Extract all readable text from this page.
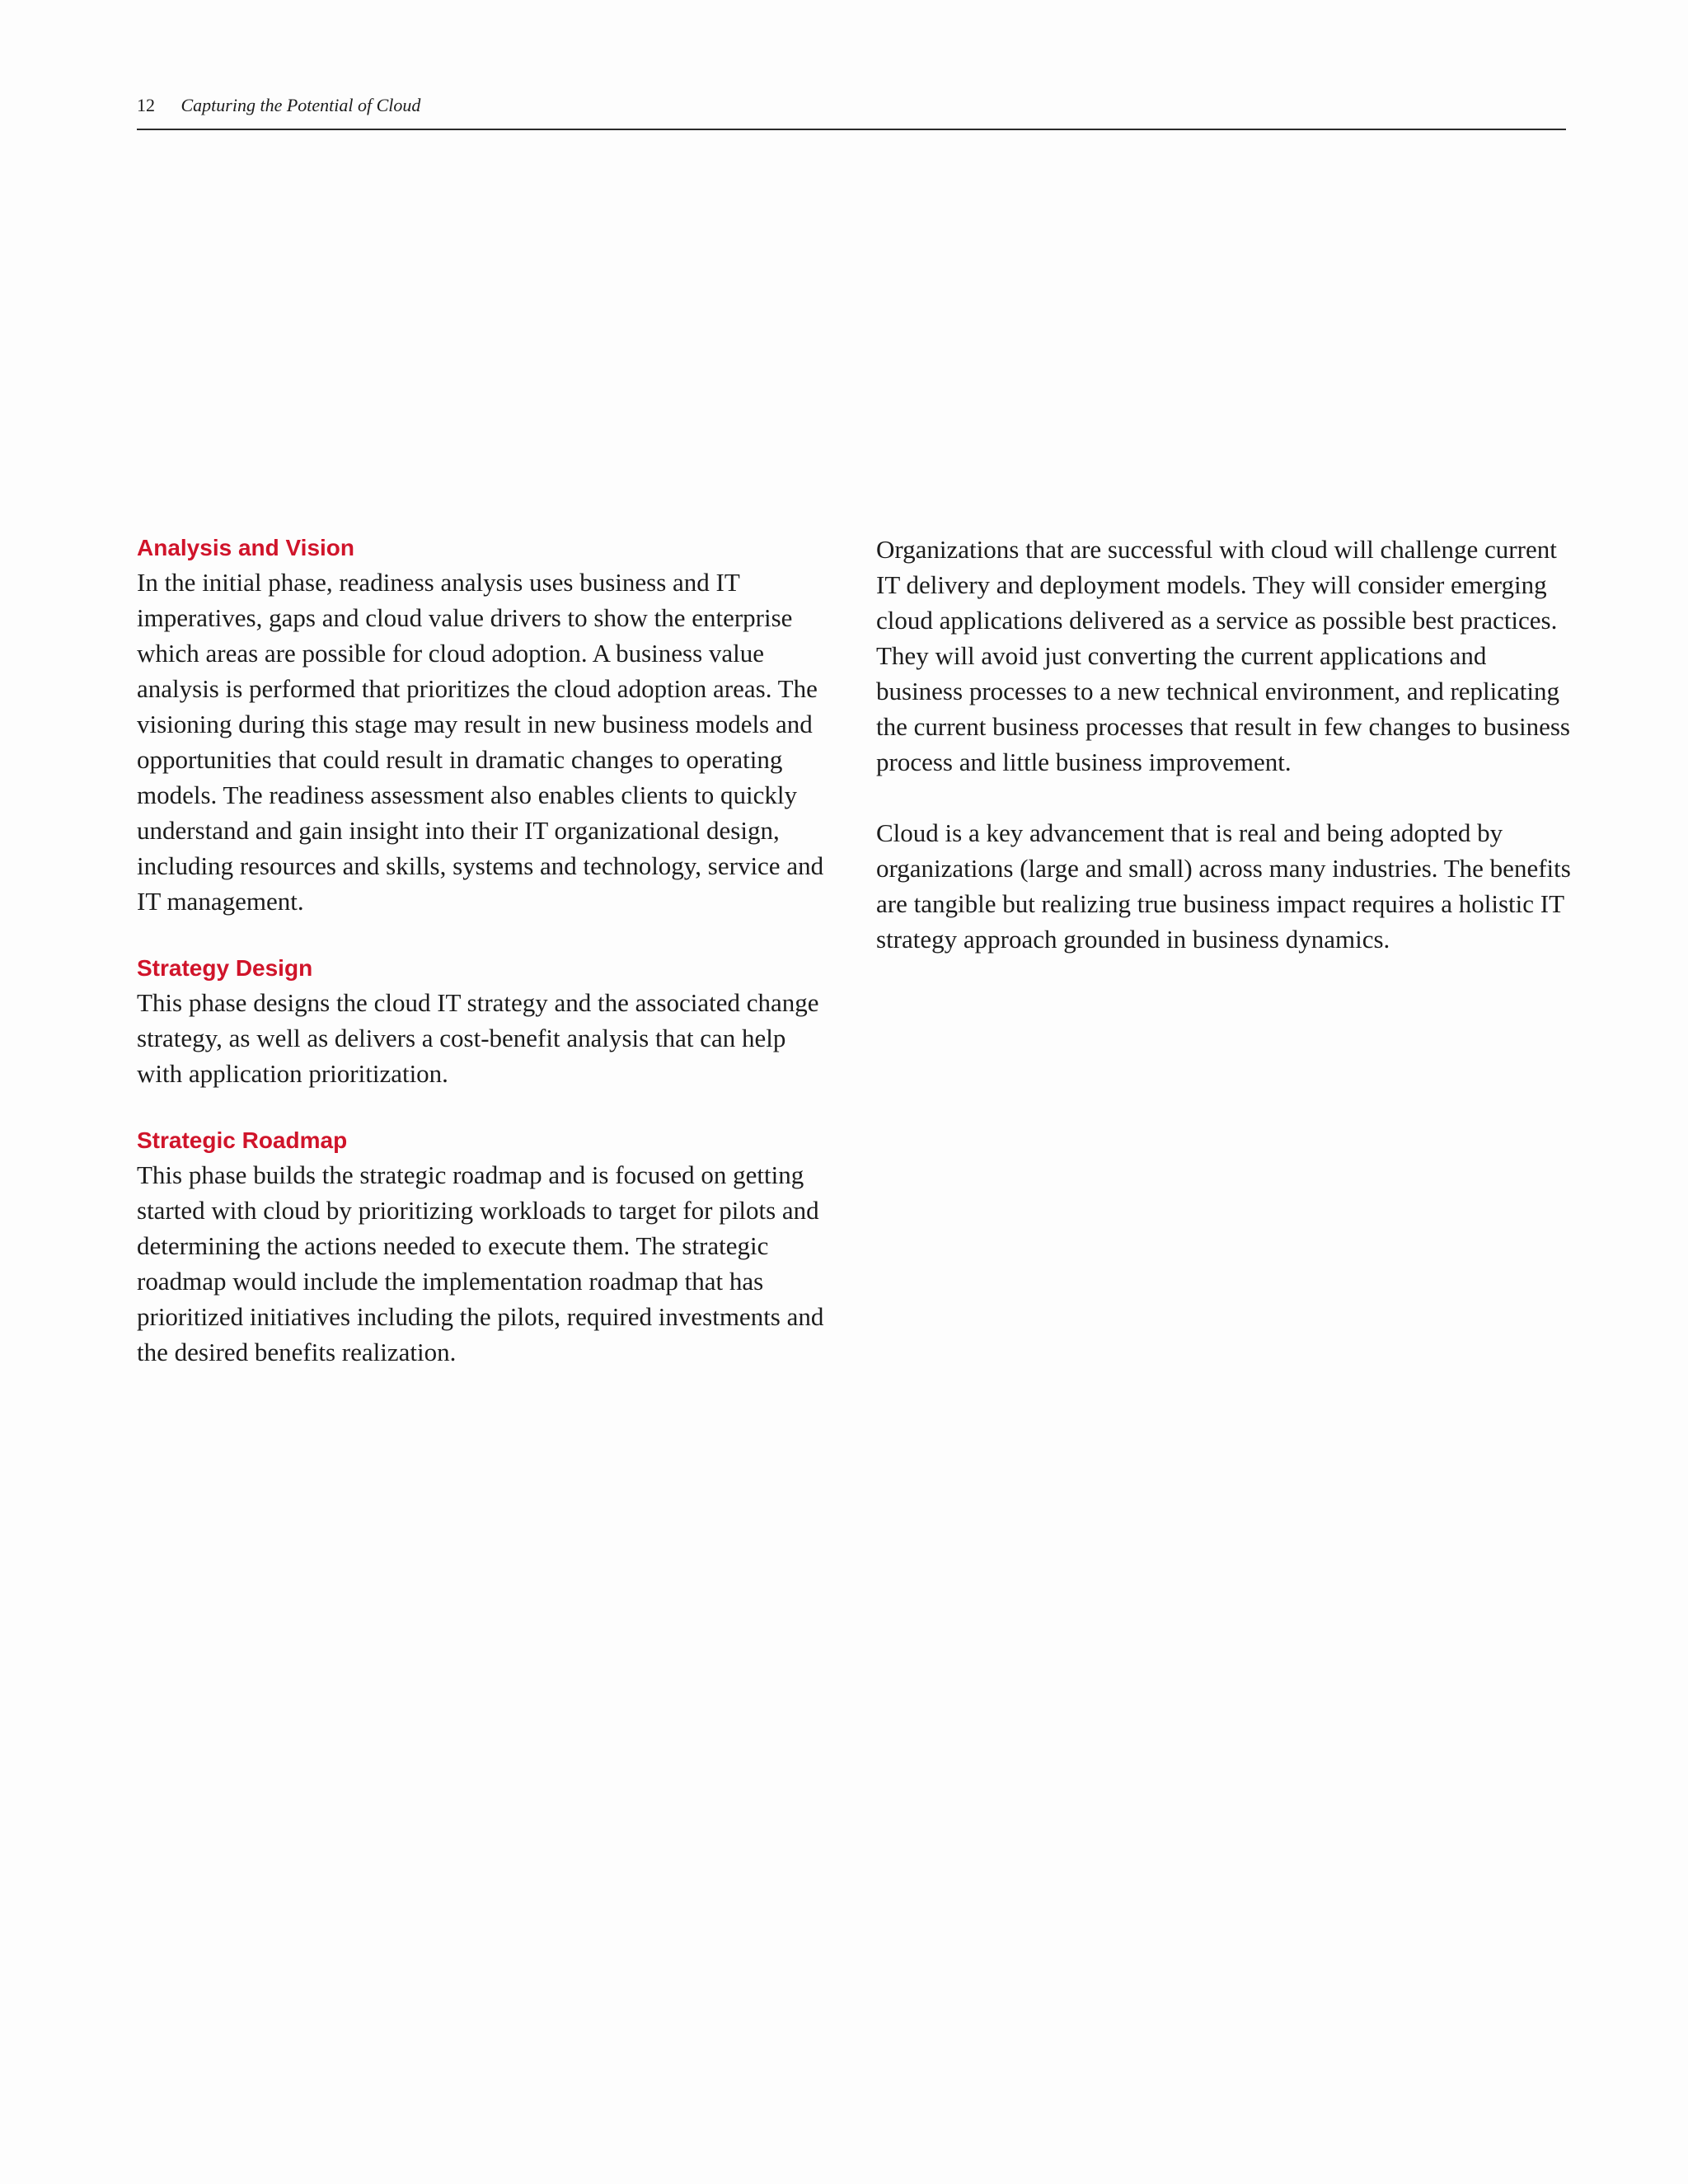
12 Capturing the Potential of Cloud
Analysis and Vision

In the initial phase, readiness analysis uses business and IT imperatives, gaps and cloud value drivers to show the enterprise which areas are possible for cloud adoption. A business value analysis is performed that prioritizes the cloud adoption areas. The visioning during this stage may result in new business models and opportunities that could result in dramatic changes to operating models. The readiness assessment also enables clients to quickly understand and gain insight into their IT organizational design, including resources and skills, systems and technology, service and IT management.

Strategy Design

This phase designs the cloud IT strategy and the associated change strategy, as well as delivers a cost-benefit analysis that can help with application prioritization.

Strategic Roadmap

This phase builds the strategic roadmap and is focused on getting started with cloud by prioritizing workloads to target for pilots and determining the actions needed to execute them. The strategic roadmap would include the implementation roadmap that has prioritized initiatives including the pilots, required investments and the desired benefits realization.

Organizations that are successful with cloud will challenge current IT delivery and deployment models. They will consider emerging cloud applications delivered as a service as possible best practices. They will avoid just converting the current applications and business processes to a new technical environment, and replicating the current business processes that result in few changes to business process and little business improvement.

Cloud is a key advancement that is real and being adopted by organizations (large and small) across many industries. The benefits are tangible but realizing true business impact requires a holistic IT strategy approach grounded in business dynamics.
